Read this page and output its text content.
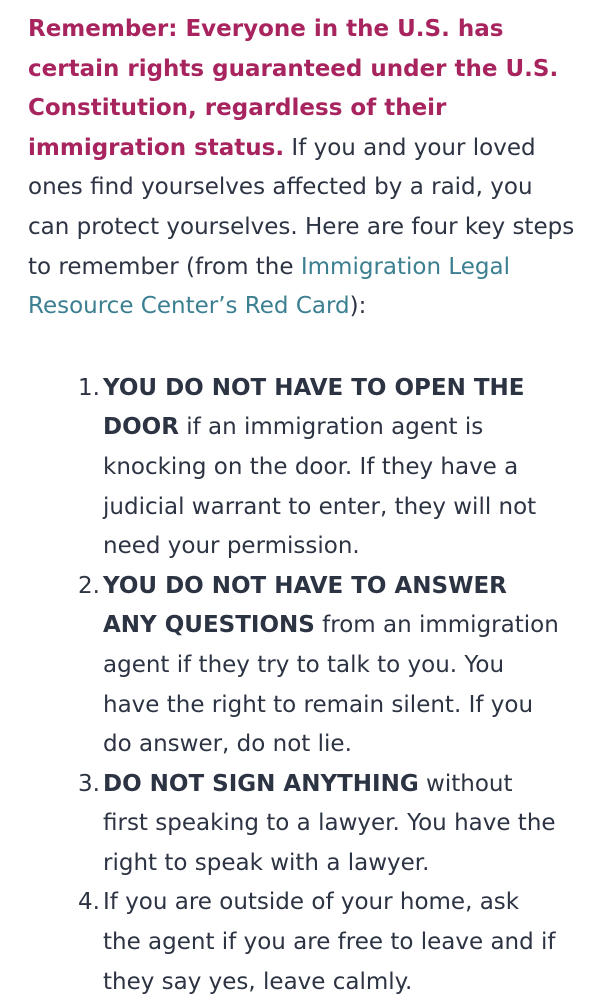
Remember: Everyone in the U.S. has certain rights guaranteed under the U.S. Constitution, regardless of their immigration status. If you and your loved ones find yourselves affected by a raid, you can protect yourselves. Here are four key steps to remember (from the Immigration Legal Resource Center’s Red Card):

1. YOU DO NOT HAVE TO OPEN THE DOOR if an immigration agent is knocking on the door. If they have a judicial warrant to enter, they will not need your permission.
2. YOU DO NOT HAVE TO ANSWER ANY QUESTIONS from an immigration agent if they try to talk to you. You have the right to remain silent. If you do answer, do not lie.
3. DO NOT SIGN ANYTHING without first speaking to a lawyer. You have the right to speak with a lawyer.
4. If you are outside of your home, ask the agent if you are free to leave and if they say yes, leave calmly.
